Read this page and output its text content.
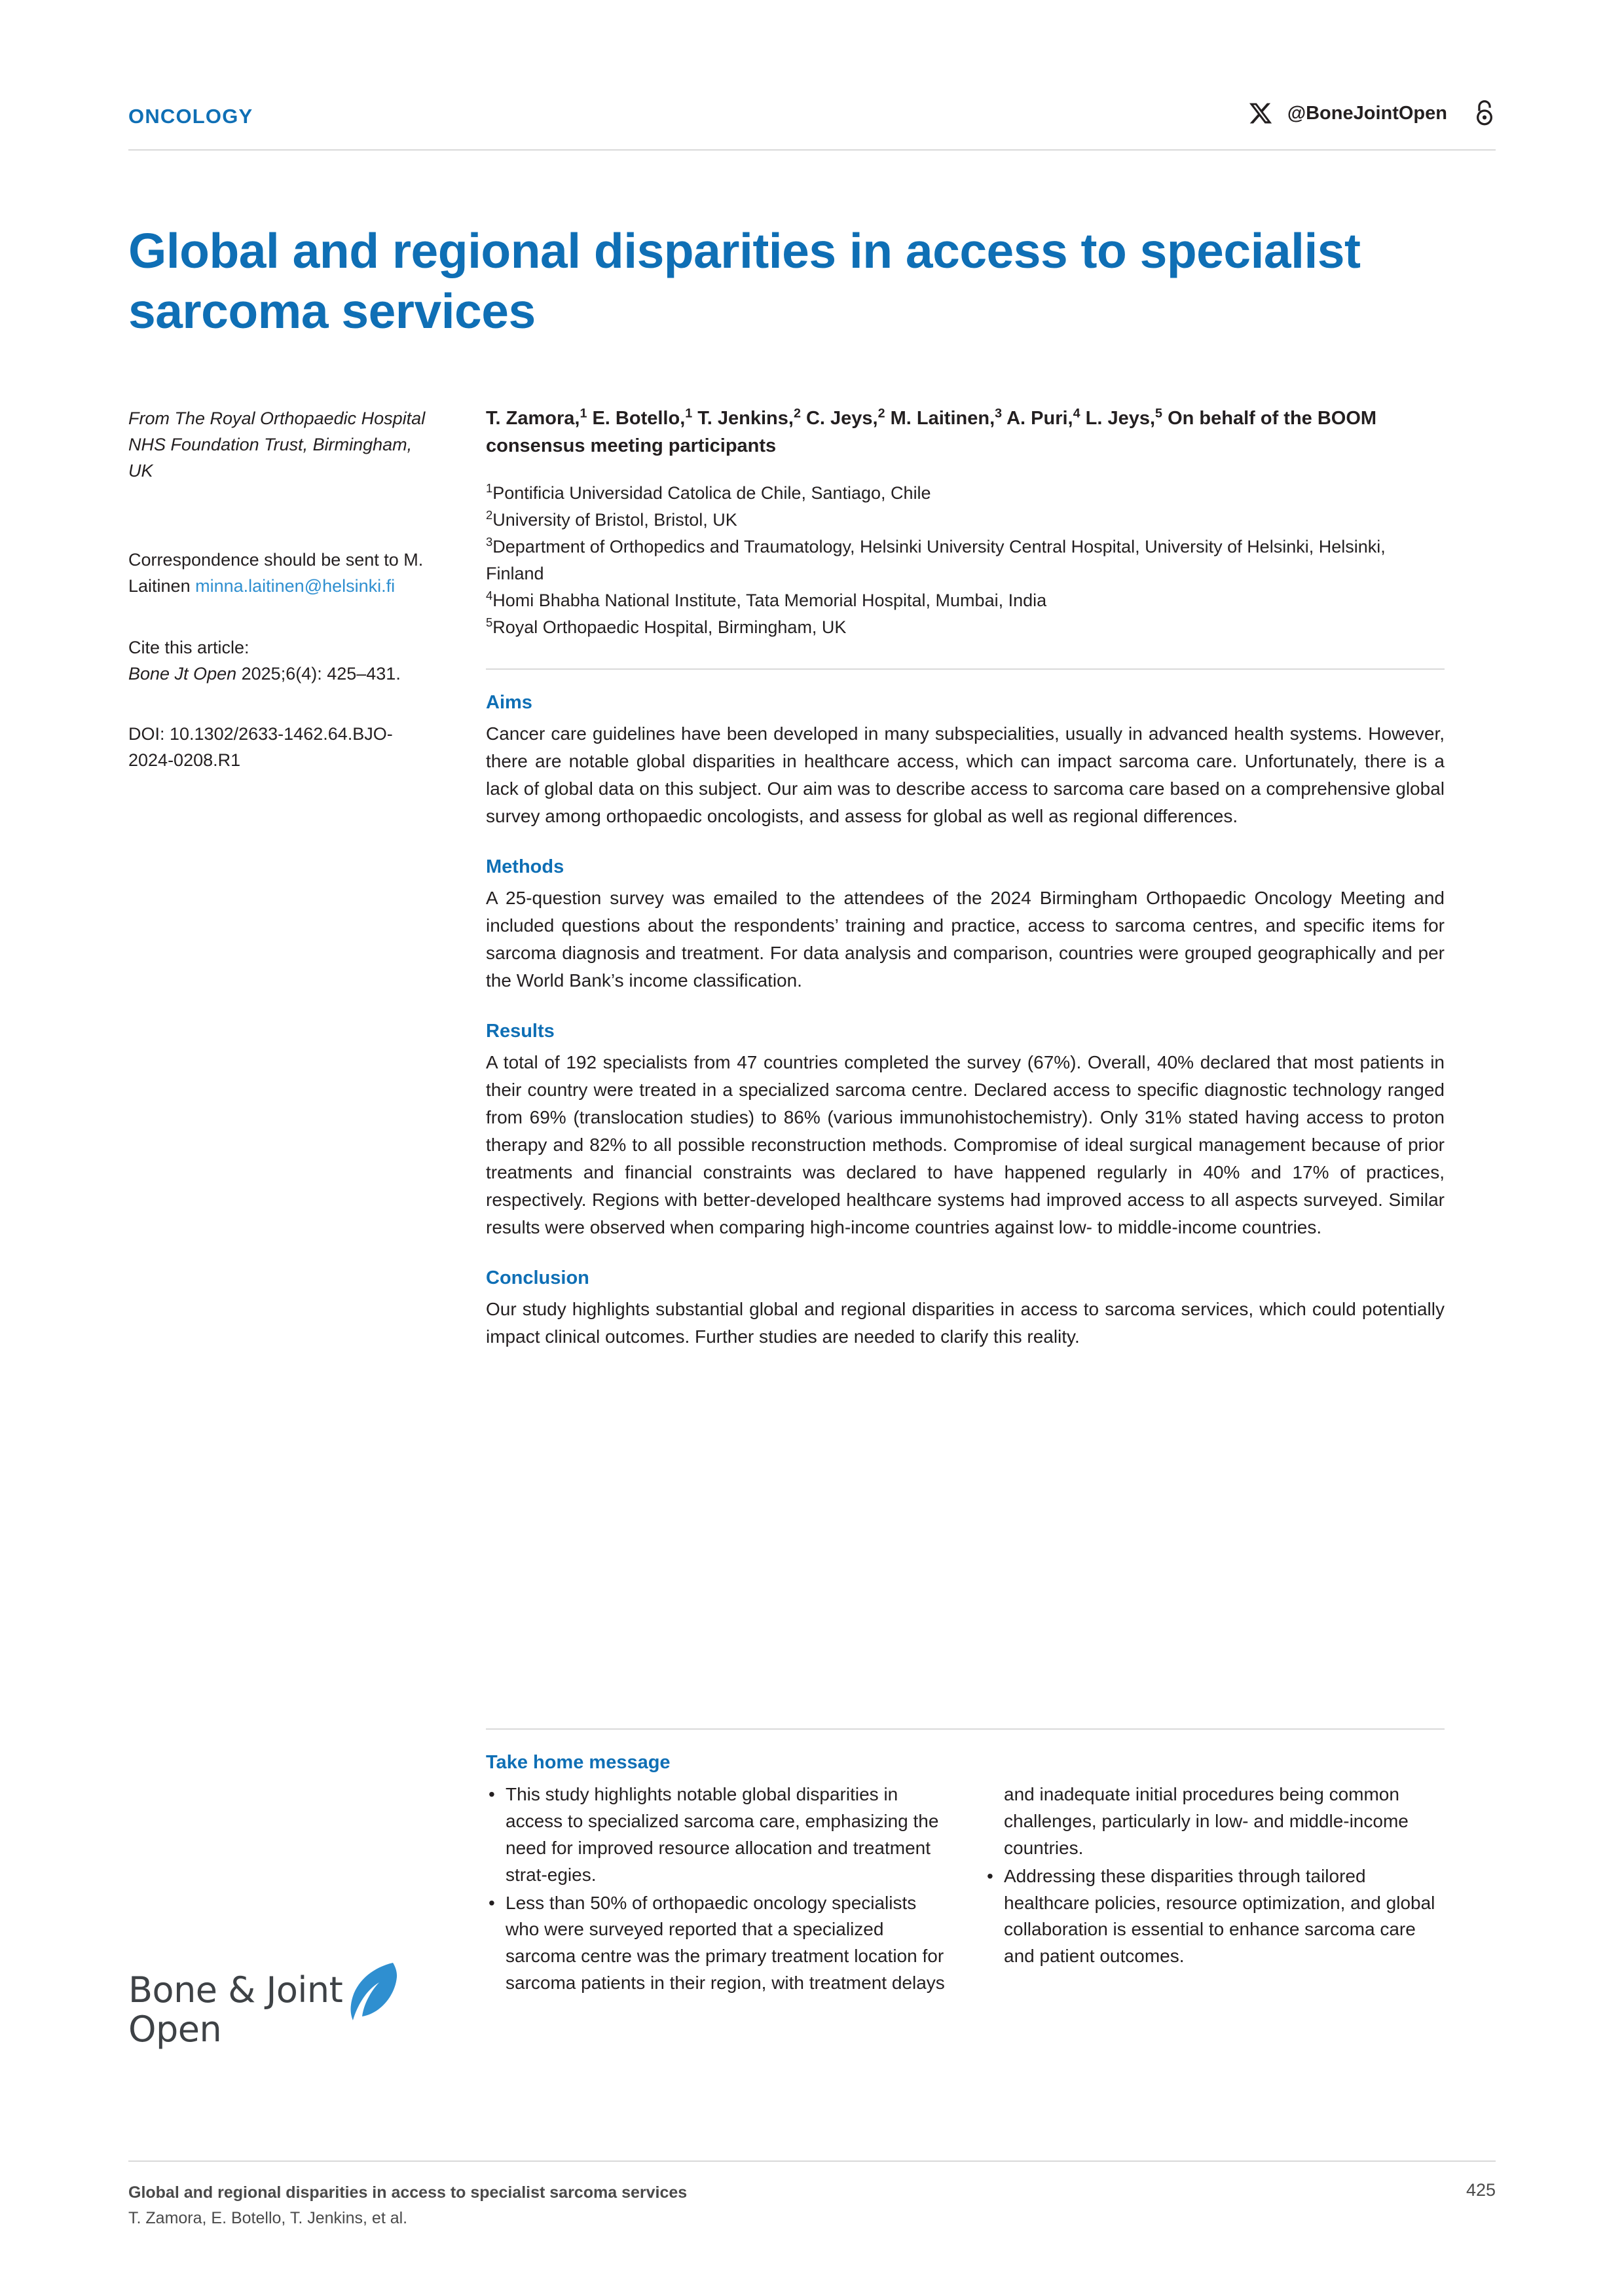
ONCOLOGY	@BoneJointOpen
Global and regional disparities in access to specialist sarcoma services
From The Royal Orthopaedic Hospital NHS Foundation Trust, Birmingham, UK
Correspondence should be sent to M. Laitinen minna.laitinen@helsinki.fi
Cite this article:
Bone Jt Open 2025;6(4): 425–431.
DOI: 10.1302/2633-1462.64.BJO-2024-0208.R1
T. Zamora,$^1$ E. Botello,$^1$ T. Jenkins,$^2$ C. Jeys,$^2$ M. Laitinen,$^3$ A. Puri,$^4$ L. Jeys,$^5$ On behalf of the BOOM consensus meeting participants
$^1$Pontificia Universidad Catolica de Chile, Santiago, Chile
$^2$University of Bristol, Bristol, UK
$^3$Department of Orthopedics and Traumatology, Helsinki University Central Hospital, University of Helsinki, Helsinki, Finland
$^4$Homi Bhabha National Institute, Tata Memorial Hospital, Mumbai, India
$^5$Royal Orthopaedic Hospital, Birmingham, UK
Aims
Cancer care guidelines have been developed in many subspecialities, usually in advanced health systems. However, there are notable global disparities in healthcare access, which can impact sarcoma care. Unfortunately, there is a lack of global data on this subject. Our aim was to describe access to sarcoma care based on a comprehensive global survey among orthopaedic oncologists, and assess for global as well as regional differences.
Methods
A 25-question survey was emailed to the attendees of the 2024 Birmingham Orthopaedic Oncology Meeting and included questions about the respondents’ training and practice, access to sarcoma centres, and specific items for sarcoma diagnosis and treatment. For data analysis and comparison, countries were grouped geographically and per the World Bank’s income classification.
Results
A total of 192 specialists from 47 countries completed the survey (67%). Overall, 40% declared that most patients in their country were treated in a specialized sarcoma centre. Declared access to specific diagnostic technology ranged from 69% (translocation studies) to 86% (various immunohistochemistry). Only 31% stated having access to proton therapy and 82% to all possible reconstruction methods. Compromise of ideal surgical management because of prior treatments and financial constraints was declared to have happened regularly in 40% and 17% of practices, respectively. Regions with better-developed healthcare systems had improved access to all aspects surveyed. Similar results were observed when comparing high-income countries against low- to middle-income countries.
Conclusion
Our study highlights substantial global and regional disparities in access to sarcoma services, which could potentially impact clinical outcomes. Further studies are needed to clarify this reality.
Take home message
• This study highlights notable global disparities in access to specialized sarcoma care, emphasizing the need for improved resource allocation and treatment strat-egies.
• Less than 50% of orthopaedic oncology specialists who were surveyed reported that a specialized sarcoma centre was the primary treatment location for sarcoma patients in their region, with treatment delays and inadequate initial procedures being common challenges, particularly in low- and middle-income countries.
• Addressing these disparities through tailored healthcare policies, resource optimization, and global collaboration is essential to enhance sarcoma care and patient outcomes.
Bone & Joint
Open
Global and regional disparities in access to specialist sarcoma services
T. Zamora, E. Botello, T. Jenkins, et al.
425
